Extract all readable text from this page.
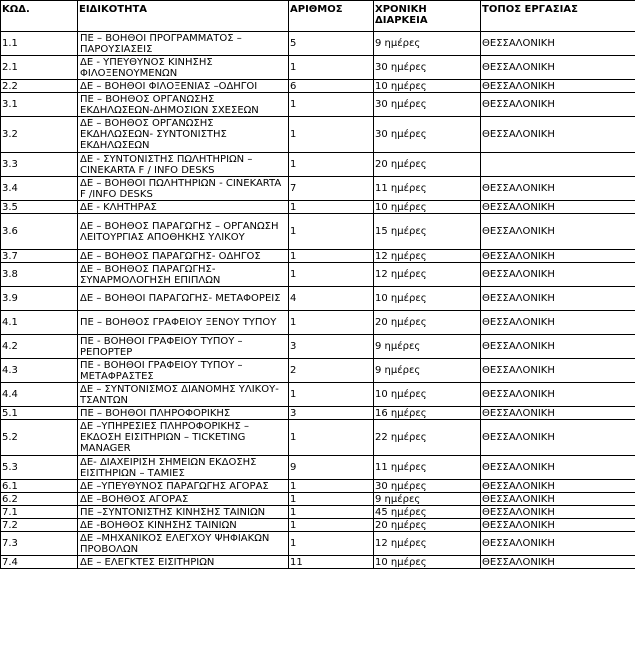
ΚΩΔ.	ΕΙΔΙΚΟΤΗΤΑ	ΑΡΙΘΜΟΣ	ΧΡΟΝΙΚΗ ΔΙΑΡΚΕΙΑ	ΤΟΠΟΣ ΕΡΓΑΣΙΑΣ
1.1	ΠΕ – ΒΟΗΘΟΙ ΠΡΟΓΡΑΜΜΑΤΟΣ – ΠΑΡΟΥΣΙΑΣΕΙΣ	5	9 ημέρες	ΘΕΣΣΑΛΟΝΙΚΗ
2.1	ΔΕ - ΥΠΕΥΘΥΝΟΣ ΚΙΝΗΣΗΣ ΦΙΛΟΞΕΝΟΥΜΕΝΩΝ	1	30 ημέρες	ΘΕΣΣΑΛΟΝΙΚΗ
2.2	ΔΕ – ΒΟΗΘΟΙ ΦΙΛΟΞΕΝΙΑΣ –ΟΔΗΓΟΙ	6	10 ημέρες	ΘΕΣΣΑΛΟΝΙΚΗ
3.1	ΠΕ – ΒΟΗΘΟΣ ΟΡΓΑΝΩΣΗΣ ΕΚΔΗΛΩΣΕΩΝ-ΔΗΜΟΣΙΩΝ ΣΧΕΣΕΩΝ	1	30 ημέρες	ΘΕΣΣΑΛΟΝΙΚΗ
3.2	ΔΕ – ΒΟΗΘΟΣ ΟΡΓΑΝΩΣΗΣ ΕΚΔΗΛΩΣΕΩΝ- ΣΥΝΤΟΝΙΣΤΗΣ ΕΚΔΗΛΩΣΕΩΝ	1	30 ημέρες	ΘΕΣΣΑΛΟΝΙΚΗ
3.3	ΔΕ - ΣΥΝΤΟΝΙΣΤΗΣ ΠΩΛΗΤΗΡΙΩΝ – CINEKARTA F / INFO DESKS	1	20 ημέρες	
3.4	ΔΕ – ΒΟΗΘΟΙ ΠΩΛΗΤΗΡΙΩΝ - CINEKARTA F /INFO DESKS	7	11 ημέρες	ΘΕΣΣΑΛΟΝΙΚΗ
3.5	ΔΕ - ΚΛΗΤΗΡΑΣ	1	10 ημέρες	ΘΕΣΣΑΛΟΝΙΚΗ
3.6	ΔΕ – ΒΟΗΘΟΣ ΠΑΡΑΓΩΓΗΣ – ΟΡΓΑΝΩΣΗ ΛΕΙΤΟΥΡΓΙΑΣ ΑΠΟΘΗΚΗΣ ΥΛΙΚΟΥ	1	15 ημέρες	ΘΕΣΣΑΛΟΝΙΚΗ
3.7	ΔΕ – ΒΟΗΘΟΣ ΠΑΡΑΓΩΓΗΣ- ΟΔΗΓΟΣ	1	12 ημέρες	ΘΕΣΣΑΛΟΝΙΚΗ
3.8	ΔΕ – ΒΟΗΘΟΣ ΠΑΡΑΓΩΓΗΣ- ΣΥΝΑΡΜΟΛΟΓΗΣΗ ΕΠΙΠΛΩΝ	1	12 ημέρες	ΘΕΣΣΑΛΟΝΙΚΗ
3.9	ΔΕ – ΒΟΗΘΟΙ ΠΑΡΑΓΩΓΗΣ- ΜΕΤΑΦΟΡΕΙΣ	4	10 ημέρες	ΘΕΣΣΑΛΟΝΙΚΗ
4.1	ΠΕ – ΒΟΗΘΟΣ ΓΡΑΦΕΙΟΥ ΞΕΝΟΥ ΤΥΠΟΥ	1	20 ημέρες	ΘΕΣΣΑΛΟΝΙΚΗ
4.2	ΠΕ - ΒΟΗΘΟΙ ΓΡΑΦΕΙΟΥ ΤΥΠΟΥ – ΡΕΠΟΡΤΕΡ	3	9 ημέρες	ΘΕΣΣΑΛΟΝΙΚΗ
4.3	ΠΕ - ΒΟΗΘΟΙ ΓΡΑΦΕΙΟΥ ΤΥΠΟΥ – ΜΕΤΑΦΡΑΣΤΕΣ	2	9 ημέρες	ΘΕΣΣΑΛΟΝΙΚΗ
4.4	ΔΕ – ΣΥΝΤΟΝΙΣΜΟΣ ΔΙΑΝΟΜΗΣ ΥΛΙΚΟΥ- ΤΣΑΝΤΩΝ	1	10 ημέρες	ΘΕΣΣΑΛΟΝΙΚΗ
5.1	ΠΕ – ΒΟΗΘΟΙ ΠΛΗΡΟΦΟΡΙΚΗΣ	3	16 ημέρες	ΘΕΣΣΑΛΟΝΙΚΗ
5.2	ΔΕ –ΥΠΗΡΕΣΙΕΣ ΠΛΗΡΟΦΟΡΙΚΗΣ – ΕΚΔΟΣΗ ΕΙΣΙΤΗΡΙΩΝ – TICKETING MANAGER	1	22 ημέρες	ΘΕΣΣΑΛΟΝΙΚΗ
5.3	ΔΕ- ΔΙΑΧΕΙΡΙΣΗ ΣΗΜΕΙΩΝ ΕΚΔΟΣΗΣ ΕΙΣΙΤΗΡΙΩΝ – ΤΑΜΙΕΣ	9	11 ημέρες	ΘΕΣΣΑΛΟΝΙΚΗ
6.1	ΔΕ –ΥΠΕΥΘΥΝΟΣ ΠΑΡΑΓΩΓΗΣ ΑΓΟΡΑΣ	1	30 ημέρες	ΘΕΣΣΑΛΟΝΙΚΗ
6.2	ΔΕ –ΒΟΗΘΟΣ ΑΓΟΡΑΣ	1	9 ημέρες	ΘΕΣΣΑΛΟΝΙΚΗ
7.1	ΠΕ –ΣΥΝΤΟΝΙΣΤΗΣ ΚΙΝΗΣΗΣ ΤΑΙΝΙΩΝ	1	45 ημέρες	ΘΕΣΣΑΛΟΝΙΚΗ
7.2	ΔΕ -ΒΟΗΘΟΣ ΚΙΝΗΣΗΣ ΤΑΙΝΙΩΝ	1	20 ημέρες	ΘΕΣΣΑΛΟΝΙΚΗ
7.3	ΔΕ –ΜΗΧΑΝΙΚΟΣ ΕΛΕΓΧΟΥ ΨΗΦΙΑΚΩΝ ΠΡΟΒΟΛΩΝ	1	12 ημέρες	ΘΕΣΣΑΛΟΝΙΚΗ
7.4	ΔΕ – ΕΛΕΓΚΤΕΣ ΕΙΣΙΤΗΡΙΩΝ	11	10 ημέρες	ΘΕΣΣΑΛΟΝΙΚΗ
